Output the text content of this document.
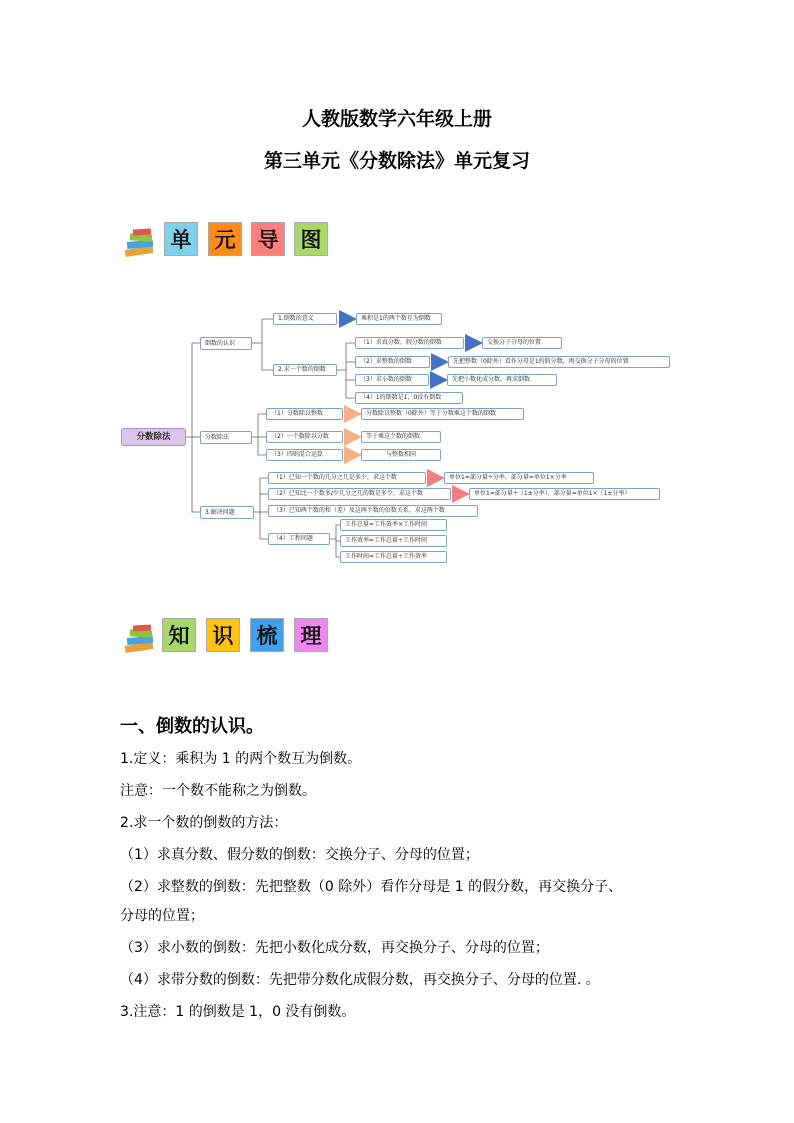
人教版数学六年级上册
第三单元《分数除法》单元复习
单 元 导 图
分数除法
倒数的认识
1.倒数的意义	乘积是1的两个数互为倒数
2.求一个数的倒数
（1）求真分数、假分数的倒数	交换分子分母的位置
（2）求整数的倒数	先把整数（0除外）看作分母是1的假分数，再交换分子分母的位置
（3）求小数的倒数	先把小数化成分数，再求倒数
（4）1的倒数是1，0没有倒数
分数除法
（1）分数除以整数	分数除以整数（0除外）等于分数乘这个数的倒数
（2）一个数除以分数	等于乘这个数的倒数
（3）四则混合运算	与整数相同
3.解决问题
（1）已知一个数的几分之几是多少，求这个数	单位1=部分量÷分率，部分量=单位1×分率
（2）已知比一个数多/少几分之几的数是多少，求这个数	单位1=部分量÷（1±分率），部分量=单位1×（1±分率）
（3）已知两个数的和（差）及这两个数的倍数关系，求这两个数
（4）工程问题
工作总量=工作效率×工作时间
工作效率=工作总量÷工作时间
工作时间=工作总量÷工作效率
知 识 梳 理
一、倒数的认识。
1.定义：乘积为 1 的两个数互为倒数。
注意：一个数不能称之为倒数。
2.求一个数的倒数的方法：
（1）求真分数、假分数的倒数：交换分子、分母的位置；
（2）求整数的倒数：先把整数（0 除外）看作分母是 1 的假分数，再交换分子、
分母的位置；
（3）求小数的倒数：先把小数化成分数，再交换分子、分母的位置；
（4）求带分数的倒数：先把带分数化成假分数，再交换分子、分母的位置. 。
3.注意：1 的倒数是 1，0 没有倒数。
